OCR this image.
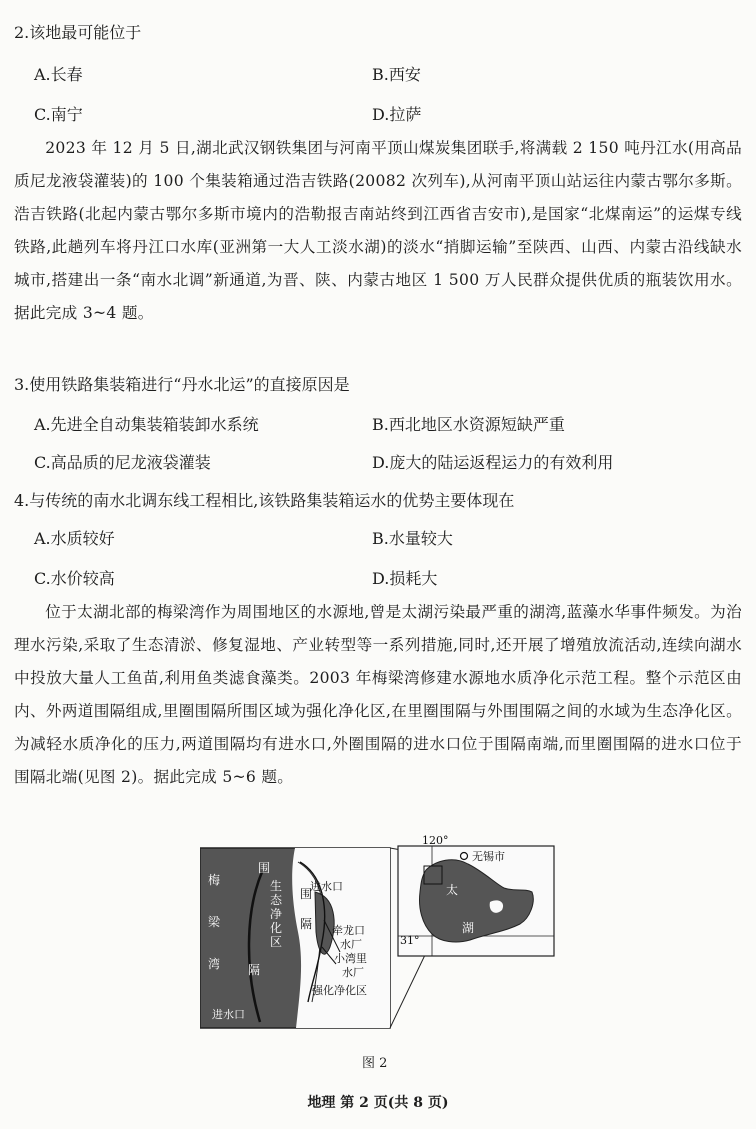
2.该地最可能位于
A.长春	B.西安
C.南宁	D.拉萨
2023 年 12 月 5 日,湖北武汉钢铁集团与河南平顶山煤炭集团联手,将满载 2 150 吨丹江水(用高品质尼龙液袋灌装)的 100 个集装箱通过浩吉铁路(20082 次列车),从河南平顶山站运往内蒙古鄂尔多斯。浩吉铁路(北起内蒙古鄂尔多斯市境内的浩勒报吉南站终到江西省吉安市),是国家“北煤南运”的运煤专线铁路,此趟列车将丹江口水库(亚洲第一大人工淡水湖)的淡水“捎脚运输”至陕西、山西、内蒙古沿线缺水城市,搭建出一条“南水北调”新通道,为晋、陕、内蒙古地区 1 500 万人民群众提供优质的瓶装饮用水。据此完成 3~4 题。
3.使用铁路集装箱进行“丹水北运”的直接原因是
A.先进全自动集装箱装卸水系统	B.西北地区水资源短缺严重
C.高品质的尼龙液袋灌装	D.庞大的陆运返程运力的有效利用
4.与传统的南水北调东线工程相比,该铁路集装箱运水的优势主要体现在
A.水质较好	B.水量较大
C.水价较高	D.损耗大
位于太湖北部的梅梁湾作为周围地区的水源地,曾是太湖污染最严重的湖湾,蓝藻水华事件频发。为治理水污染,采取了生态清淤、修复湿地、产业转型等一系列措施,同时,还开展了增殖放流活动,连续向湖水中投放大量人工鱼苗,利用鱼类滤食藻类。2003 年梅梁湾修建水源地水质净化示范工程。整个示范区由内、外两道围隔组成,里圈围隔所围区域为强化净化区,在里圈围隔与外围围隔之间的水域为生态净化区。为减轻水质净化的压力,两道围隔均有进水口,外圈围隔的进水口位于围隔南端,而里圈围隔的进水口位于围隔北端(见图 2)。据此完成 5~6 题。
梅
梁
湾
围
隔
围
隔
生
态
净
化
区
进水口
进水口
牵龙口
水厂
小湾里
水厂
强化净化区
120°
31°
无锡市
太
湖
图 2
地理 第 2 页(共 8 页)
